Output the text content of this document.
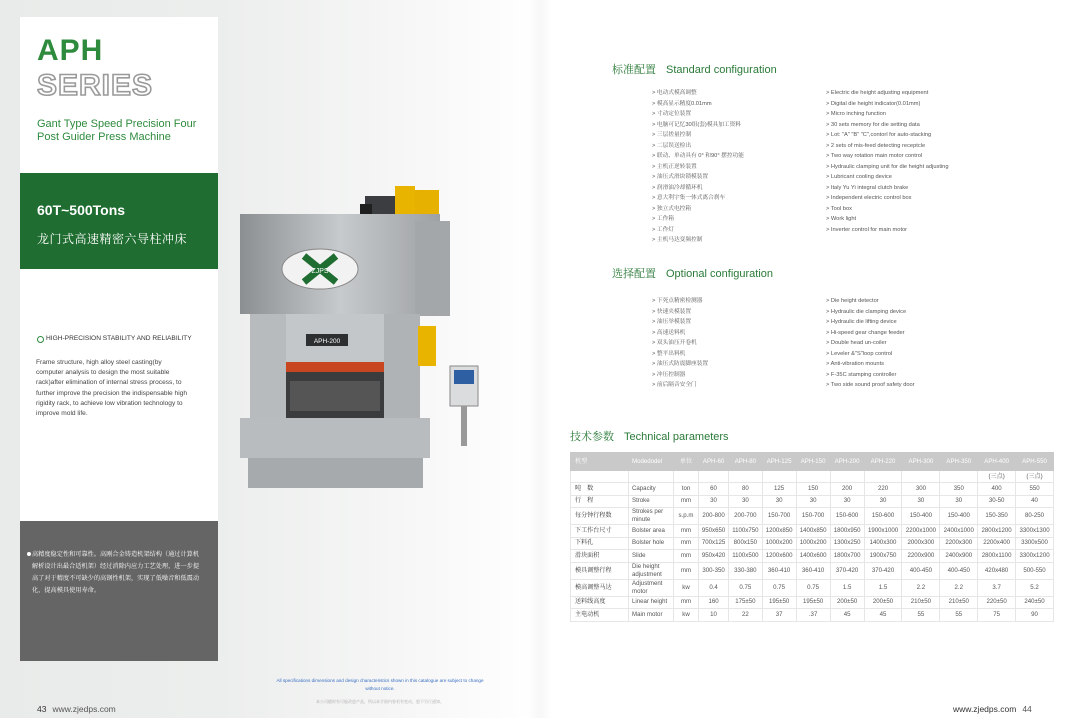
APH
SERIES
Gant Type Speed Precision Four Post Guider Press Machine
60T~500Tons
龙门式高速精密六导柱冲床
HIGH-PRECISION STABILITY AND RELIABILITY
Frame structure, high alloy steel casting(by computer analysis to design the most suitable rack)after elimination of internal stress process, to further improve the precision the indispensable high rigidity rack, to achieve low vibration technology to improve mold life.
高精度稳定性和可靠性。高刚合金铸造机架结构（通过计算机解析设计出最合适机架）经过消除内应力工艺处理，进一步提高了对于精度不可缺少的高钢性机架，实现了低噪音和低震动化，提高模具使用寿命。
ZJPS
APH-200
All specifications dimensions and design characteristics shown in this catalogue are subject to change without notice.
本公司随时有可能改进产品，所以本手册内容若有变动，恕不另行通知。
43 www.zjedps.com	www.zjedps.com 44
标准配置 Standard configuration
> 电动式模高调整
> 模高显示精度0.01mm
> 寸动定位装置
> 电脑可记忆30组(套)模具加工资料
> 三层搓量控制
> 二层误送检出
> 联动、单动具有 0° 和90° 摆控功能
> 主机正逆转装置
> 油压式滑块锁模装置
> 润滑油冷却循环机
> 意大利宇集一体式离合刹车
> 独立式电控箱
> 工作箱
> 工作灯
> 主机马达变频控制
> Electric die height adjusting equipment
> Digital die height indicator(0.01mm)
> Micro inching function
> 30 sets memory for die setting data
> Lot: "A" "B" "C",contorl for auto-stacking
> 2 sets of mis-feed detecting receptcle
> Two way rotation main motor control
> Hydraulic clamping unit for die height adjusting
> Lubricant cooling device
> Italy Yu Yi integral clutch brake
> Independent electric control box
> Tool box
> Work light
> Inverter control for main motor
选择配置 Optional configuration
> 下死点精密检测器
> 快速夹模装置
> 油压举模装置
> 高速送料机
> 双头油压开卷机
> 整平出料机
> 油压式防震脚座装置
> 冲压控制器
> 前后隔音安全门
> Die height detector
> Hydraulic die clamping device
> Hydraulic die lifting device
> Hi-speed gear change feeder
> Double head un-coiler
> Leveler &"S"loop control
> Anti-vibration mounts
> F-35C stamping controller
> Two side sound proof safety door
技术参数 Technical parameters
机型	Modedodel	单位	APH-60	APH-80	APH-125	APH-150	APH-200	APH-220	APH-300	APH-350	APH-400	APH-550
											(三点)	(三点)
吨　数	Capacity	ton	60	80	125	150	200	220	300	350	400	550
行　程	Stroke	mm	30	30	30	30	30	30	30	30	30-50	40
每分钟行程数	Strokes per minute	s.p.m	200-800	200-700	150-700	150-700	150-600	150-600	150-400	150-400	150-350	80-250
下工作台尺寸	Bolster area	mm	950x650	1100x750	1200x850	1400x850	1800x950	1900x1000	2200x1000	2400x1000	2800x1200	3300x1300
下料孔	Bolster hole	mm	700x125	800x150	1000x200	1000x200	1300x250	1400x300	2000x300	2200x300	2200x400	3300x500
滑块面积	Slide	mm	950x420	1100x500	1200x600	1400x600	1800x700	1900x750	2200x900	2400x900	2800x1100	3300x1200
模具调整行程	Die height adjustment	mm	300-350	330-380	360-410	360-410	370-420	370-420	400-450	400-450	420x480	500-550
模高调整马达	Adjustment motor	kw	0.4	0.75	0.75	0.75	1.5	1.5	2.2	2.2	3.7	5.2
送料线高度	Linear height	mm	160	175±50	195±50	195±50	200±50	200±50	210±50	210±50	220±50	240±50
主电动机	Main motor	kw	10	22	37	.37	45	45	55	55	75	90
